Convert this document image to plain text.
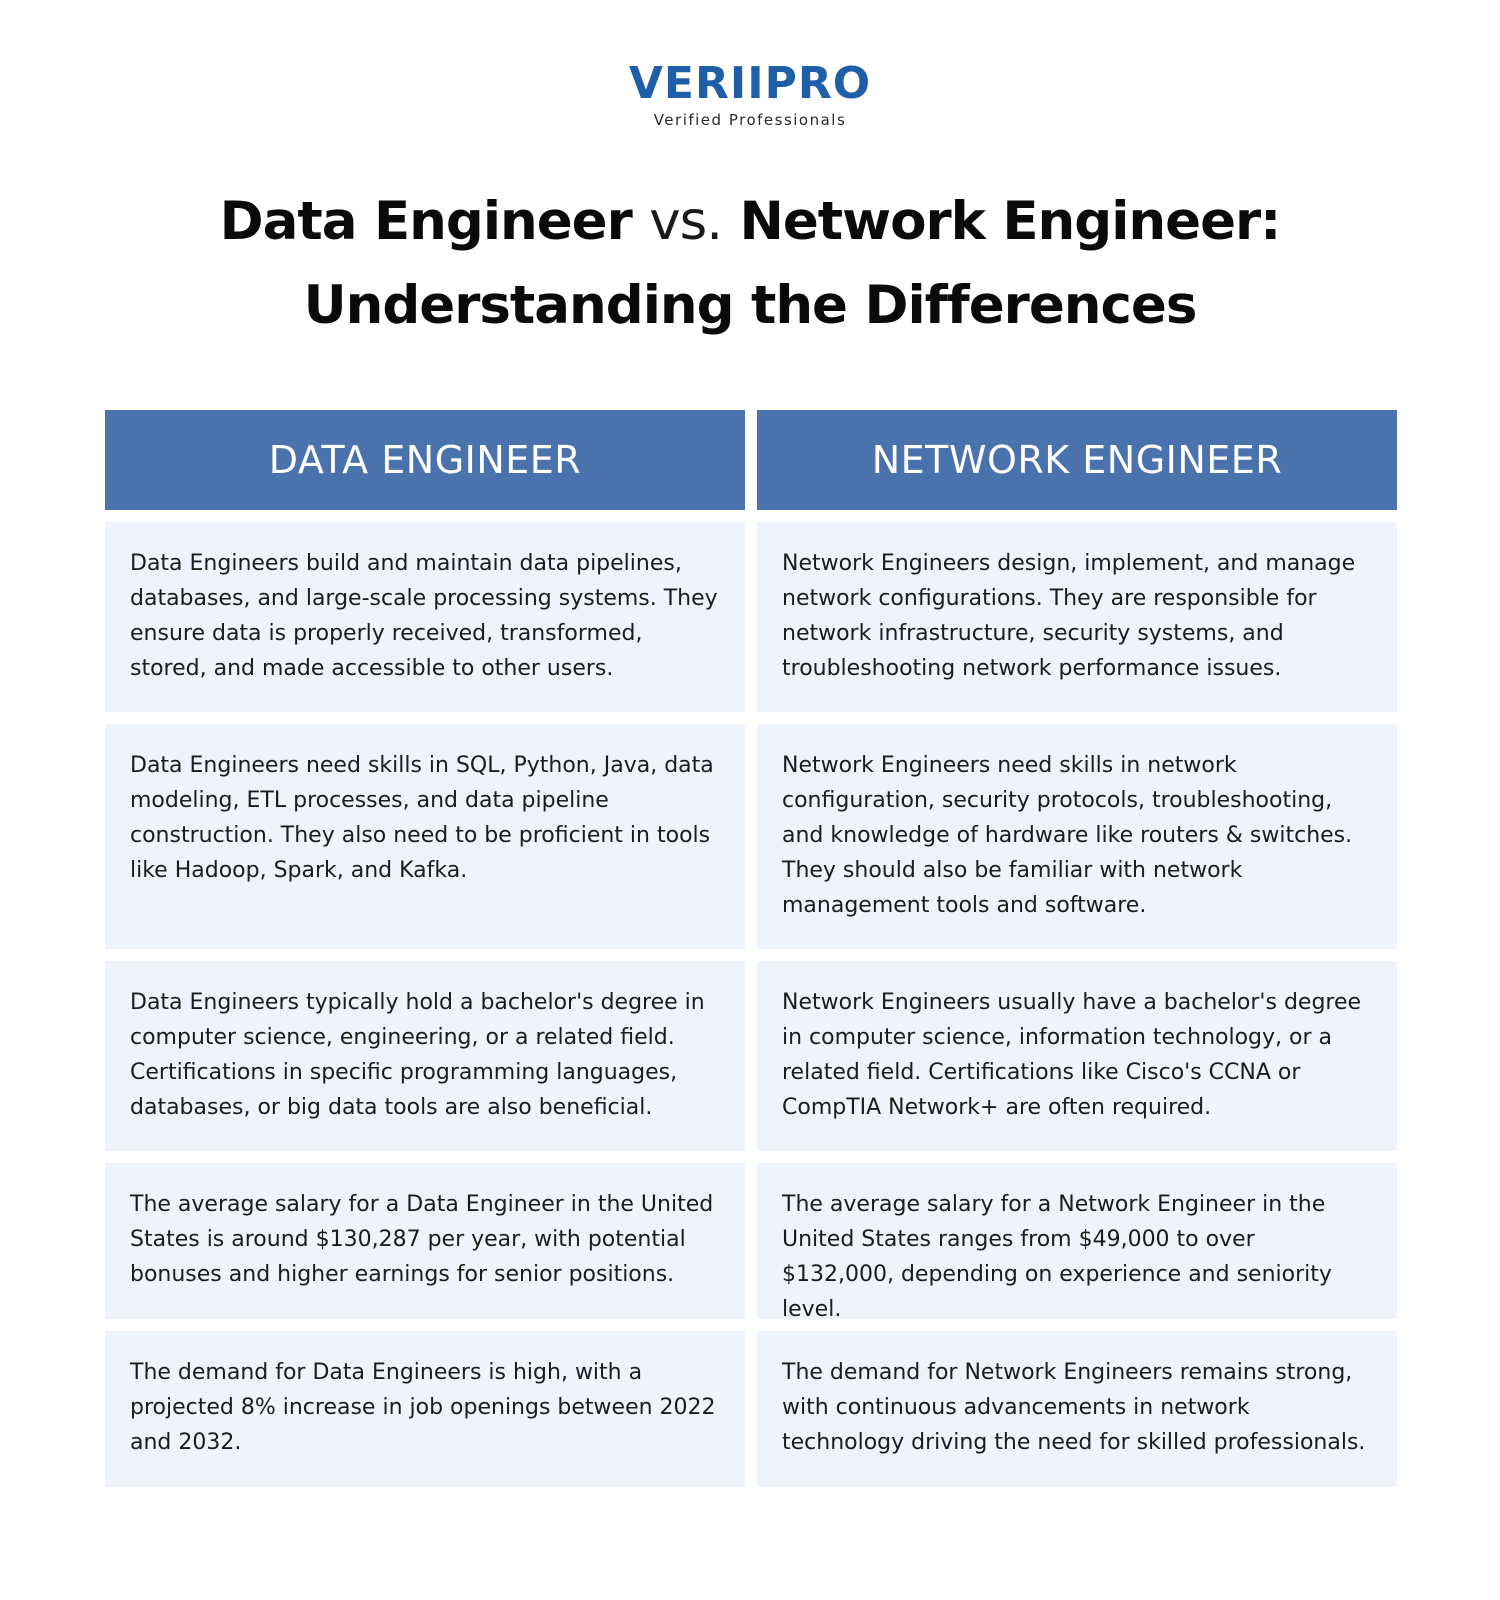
VERIIPRO
Verified Professionals
Data Engineer vs. Network Engineer:
Understanding the Differences
DATA ENGINEER	NETWORK ENGINEER
Data Engineers build and maintain data pipelines, databases, and large-scale processing systems. They ensure data is properly received, transformed, stored, and made accessible to other users.
Network Engineers design, implement, and manage network configurations. They are responsible for network infrastructure, security systems, and troubleshooting network performance issues.
Data Engineers need skills in SQL, Python, Java, data modeling, ETL processes, and data pipeline construction. They also need to be proficient in tools like Hadoop, Spark, and Kafka.
Network Engineers need skills in network configuration, security protocols, troubleshooting, and knowledge of hardware like routers & switches. They should also be familiar with network management tools and software.
Data Engineers typically hold a bachelor's degree in computer science, engineering, or a related field. Certifications in specific programming languages, databases, or big data tools are also beneficial.
Network Engineers usually have a bachelor's degree in computer science, information technology, or a related field. Certifications like Cisco's CCNA or CompTIA Network+ are often required.
The average salary for a Data Engineer in the United States is around $130,287 per year, with potential bonuses and higher earnings for senior positions.
The average salary for a Network Engineer in the United States ranges from $49,000 to over $132,000, depending on experience and seniority level.
The demand for Data Engineers is high, with a projected 8% increase in job openings between 2022 and 2032.
The demand for Network Engineers remains strong, with continuous advancements in network technology driving the need for skilled professionals.
